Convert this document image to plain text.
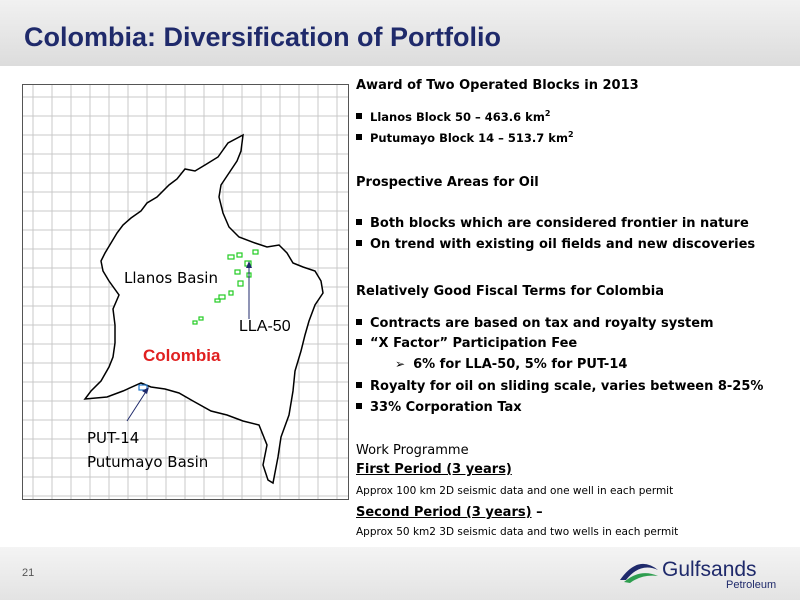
Colombia: Diversification of Portfolio
Llanos Basin
LLA-50
Colombia
PUT-14
Putumayo Basin
Award of Two Operated Blocks in 2013
Llanos Block 50 – 463.6 $km^2$
Putumayo Block 14 – 513.7 $km^2$
Prospective Areas for Oil
Both blocks which are considered frontier in nature
On trend with existing oil fields and new discoveries
Relatively Good Fiscal Terms for Colombia
Contracts are based on tax and royalty system
“X Factor” Participation Fee
➢ 6% for LLA-50, 5% for PUT-14
Royalty for oil on sliding scale, varies between 8-25%
33% Corporation Tax
Work Programme
First Period (3 years)
Approx 100 km 2D seismic data and one well in each permit
Second Period (3 years) –
Approx 50 km2 3D seismic data and two wells in each permit
21	Gulfsands
Petroleum
